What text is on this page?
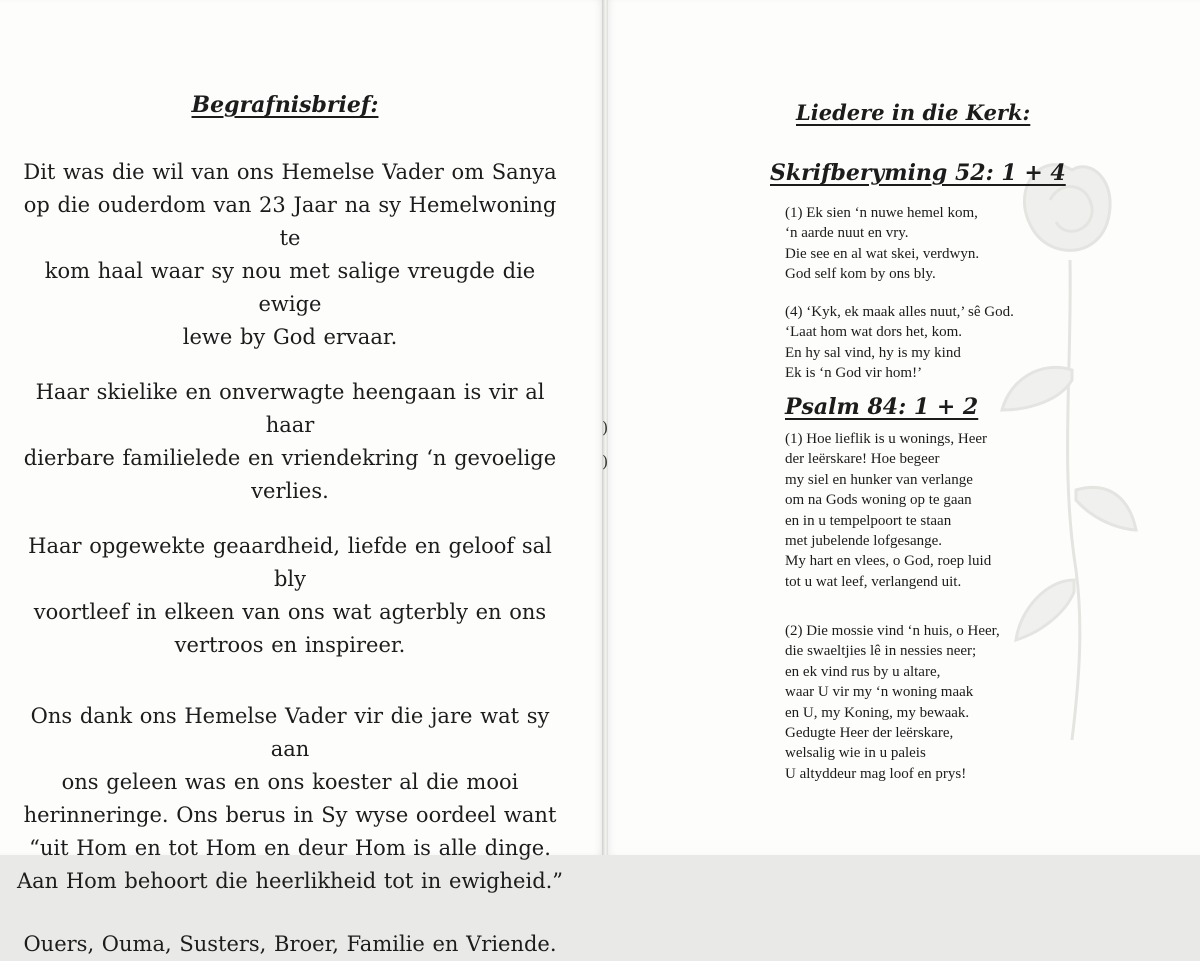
)
)
Begrafnisbrief:

Dit was die wil van ons Hemelse Vader om Sanya
op die ouderdom van 23 Jaar na sy Hemelwoning te
kom haal waar sy nou met salige vreugde die ewige
lewe by God ervaar.

Haar skielike en onverwagte heengaan is vir al haar
dierbare familielede en vriendekring ‘n gevoelige
verlies.

Haar opgewekte geaardheid, liefde en geloof sal bly
voortleef in elkeen van ons wat agterbly en ons
vertroos en inspireer.

Ons dank ons Hemelse Vader vir die jare wat sy aan
ons geleen was en ons koester al die mooi
herinneringe. Ons berus in Sy wyse oordeel want
“uit Hom en tot Hom en deur Hom is alle dinge.
Aan Hom behoort die heerlikheid tot in ewigheid.”

Ouers, Ouma, Susters, Broer, Familie en Vriende.

Liedere in die Kerk:
Skrifberyming 52: 1 + 4

(1) Ek sien ‘n nuwe hemel kom,
‘n aarde nuut en vry.
Die see en al wat skei, verdwyn.
God self kom by ons bly.

(4) ‘Kyk, ek maak alles nuut,’ sê God.
‘Laat hom wat dors het, kom.
En hy sal vind, hy is my kind
Ek is ‘n God vir hom!’

Psalm 84: 1 + 2

(1) Hoe lieflik is u wonings, Heer
der leërskare! Hoe begeer
my siel en hunker van verlange
om na Gods woning op te gaan
en in u tempelpoort te staan
met jubelende lofgesange.
My hart en vlees, o God, roep luid
tot u wat leef, verlangend uit.

(2) Die mossie vind ‘n huis, o Heer,
die swaeltjies lê in nessies neer;
en ek vind rus by u altare,
waar U vir my ‘n woning maak
en U, my Koning, my bewaak.
Gedugte Heer der leërskare,
welsalig wie in u paleis
U altyddeur mag loof en prys!
